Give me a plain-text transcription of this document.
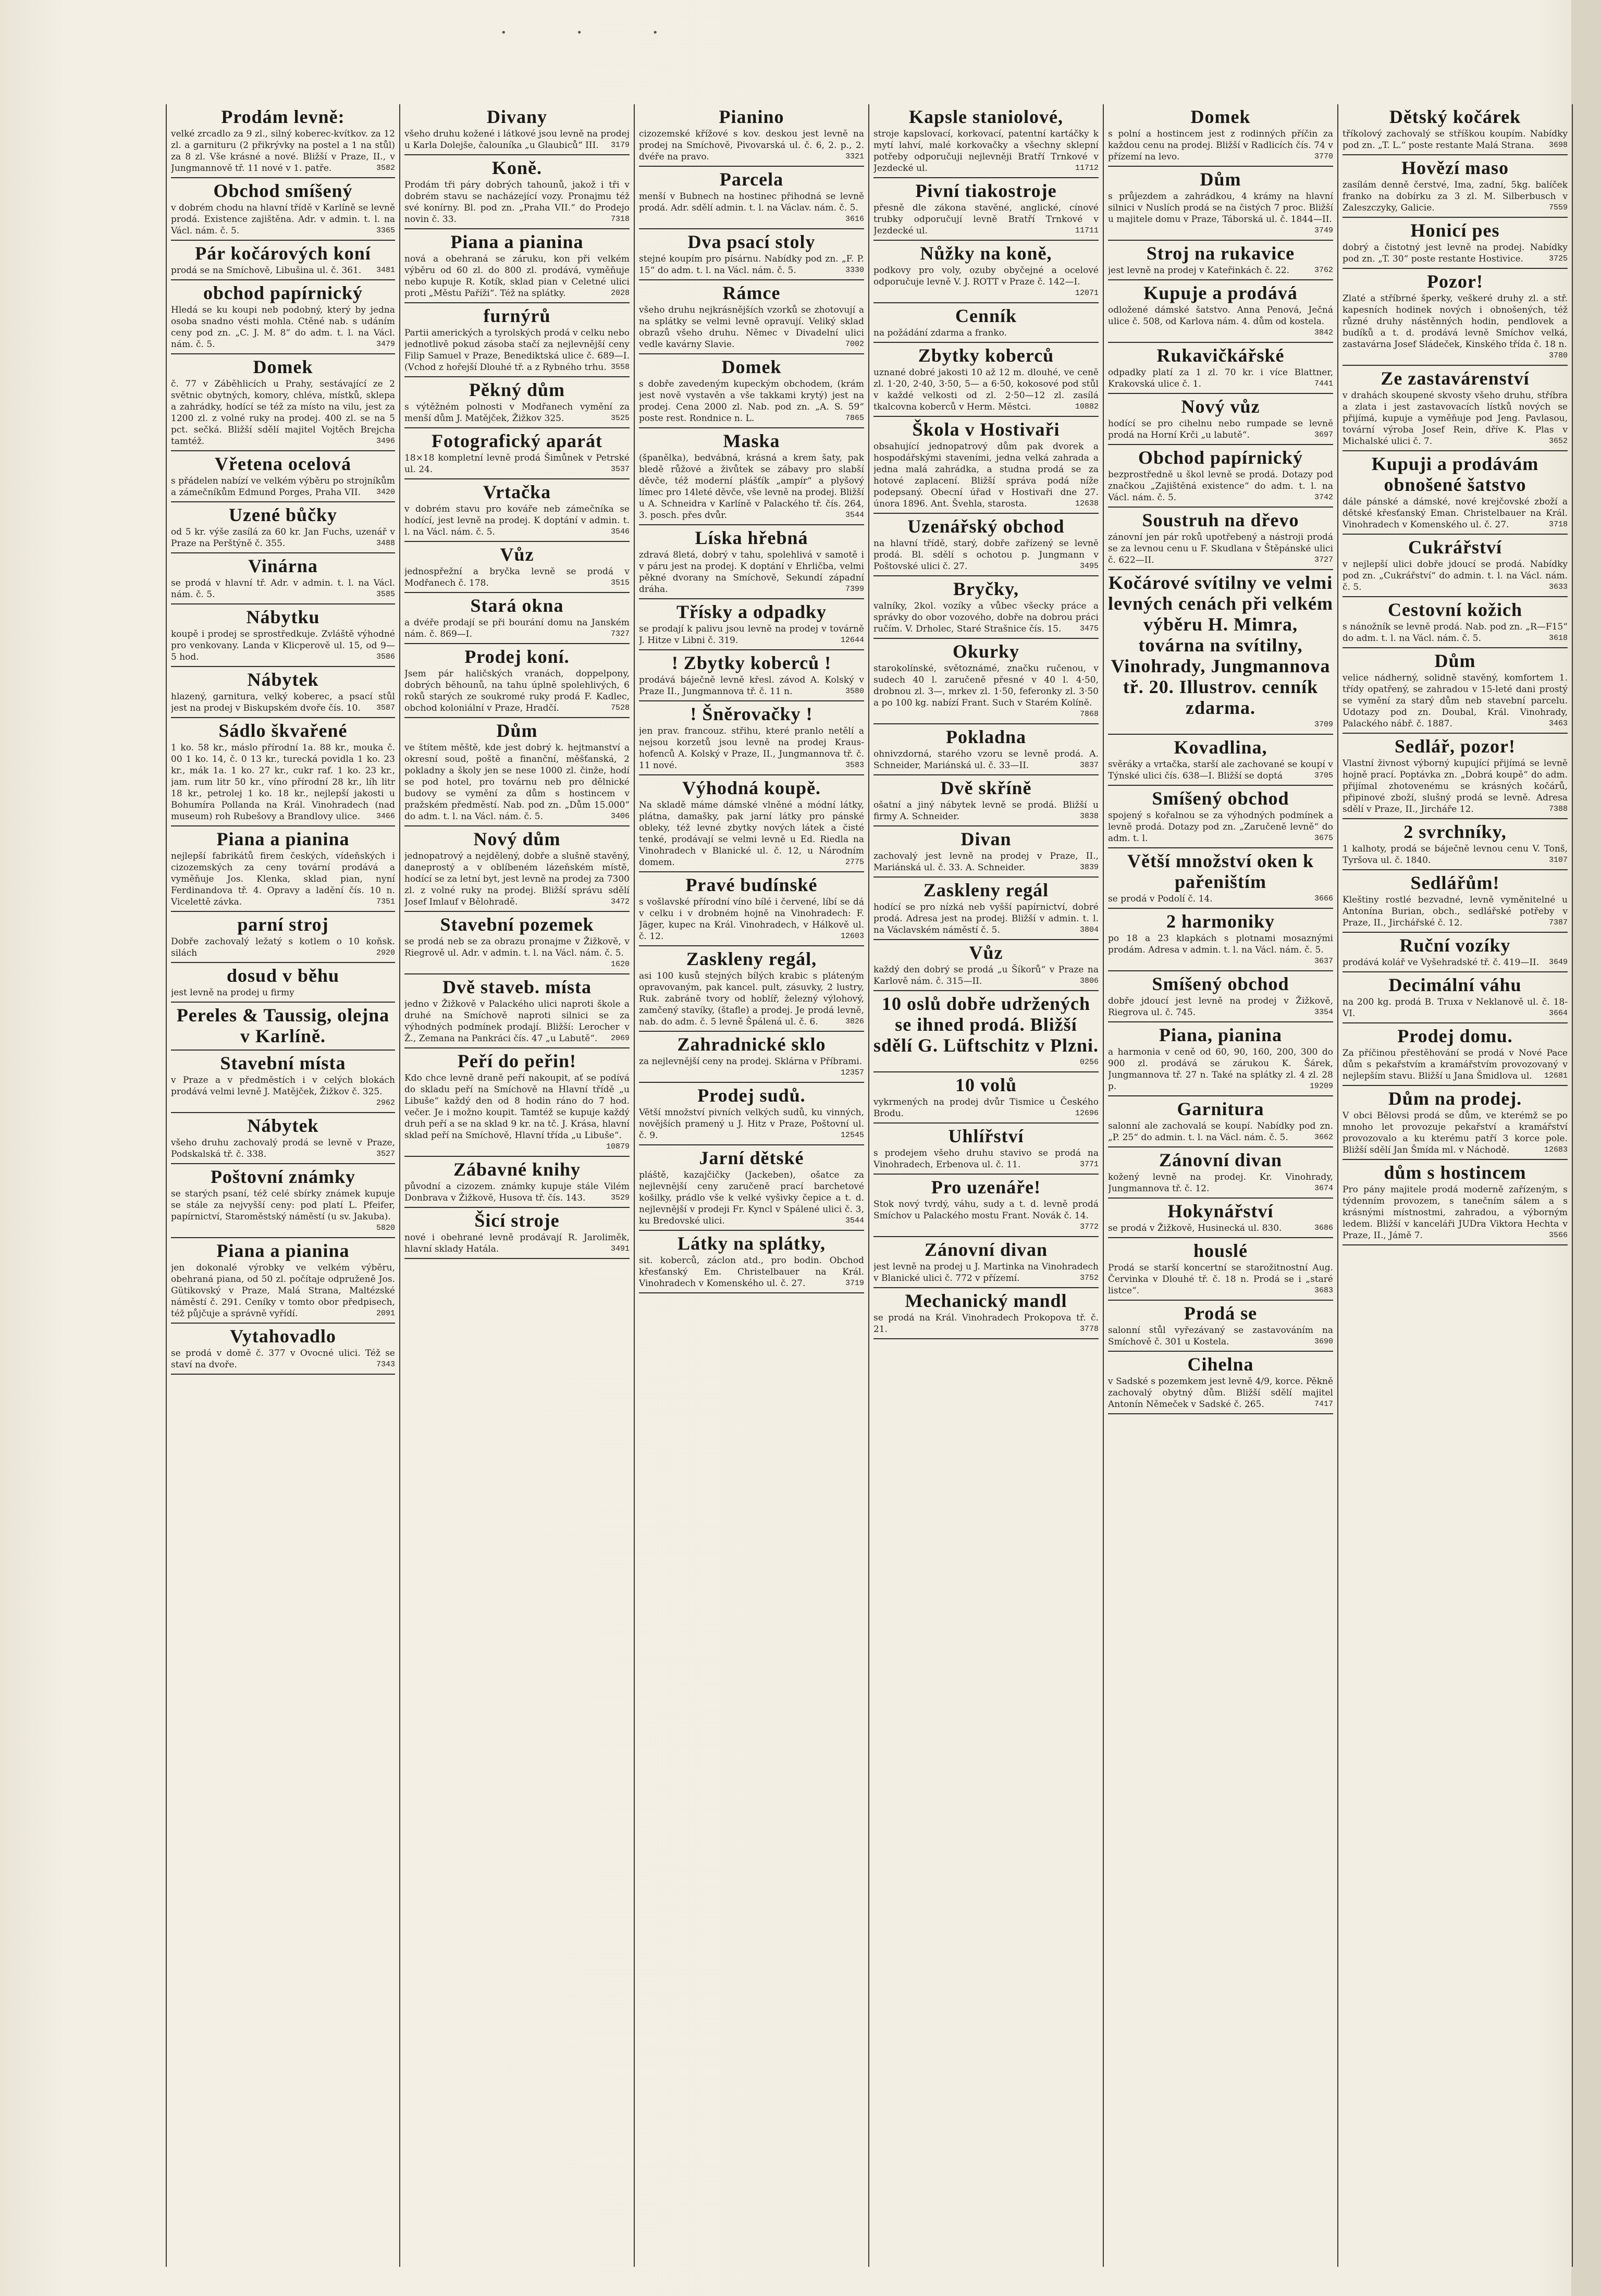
· · ·
Prodám levně:

velké zrcadlo za 9 zl., silný koberec-kvítkov. za 12 zl. a garnituru (2 přikrývky na postel a 1 na stůl) za 8 zl. Vše krásné a nové. Bližší v Praze, II., v Jungmannově tř. 11 nové v 1. patře.	3582

Obchod smíšený

v dobrém chodu na hlavní třídě v Karlíně se levně prodá. Existence zajištěna. Adr. v admin. t. l. na Václ. nám. č. 5.	3365

Pár kočárových koní

prodá se na Smíchově, Libušina ul. č. 361. 3481

obchod papírnický

Hledá se ku koupi neb podobný, který by jedna osoba snadno vésti mohla. Ctěné nab. s udáním ceny pod zn. „C. J. M. 8“ do adm. t. l. na Václ. nám. č. 5.	3479

Domek

č. 77 v Záběhlicích u Prahy, sestávající ze 2 světnic obytných, komory, chléva, místků, sklepa a zahrádky, hodící se též za místo na vilu, jest za 1200 zl. z volné ruky na prodej. 400 zl. se na 5 pct. sečká. Bližší sdělí majitel Vojtěch Brejcha tamtéž.	3496

Vřetena ocelová

s přádelen nabízí ve velkém výběru po strojníkům a zámečníkům Edmund Porges, Praha VII. 3420

Uzené bůčky

od 5 kr. výše zasílá za 60 kr. Jan Fuchs, uzenář v Praze na Perštýně č. 355.	3488

Vinárna

se prodá v hlavní tř. Adr. v admin. t. l. na Václ. nám. č. 5.	3585

Nábytku

koupě i prodej se sprostředkuje. Zvláště výhodné pro venkovany. Landa v Klicperově ul. 15, od 9—5 hod.	3586

Nábytek

hlazený, garnitura, velký koberec, a psací stůl jest na prodej v Biskupském dvoře čís. 10. 3587

Sádlo škvařené

1 ko. 58 kr., máslo přírodní 1a. 88 kr., mouka č. 00 1 ko. 14, č. 0 13 kr., turecká povidla 1 ko. 23 kr., mák 1a. 1 ko. 27 kr., cukr raf. 1 ko. 23 kr., jam. rum litr 50 kr., víno přírodní 28 kr., líh litr 18 kr., petrolej 1 ko. 18 kr., nejlepší jakosti u Bohumíra Pollanda na Král. Vinohradech (nad museum) roh Rubešovy a Brandlovy ulice. 3466

Piana a pianina

nejlepší fabrikátů firem českých, vídeňských i cizozemských za ceny tovární prodává a vyměňuje Jos. Klenka, sklad pian, nyní Ferdinandova tř. 4. Opravy a ladění čís. 10 n. Vicelettě závka.	7351

parní stroj

Dobře zachovalý ležatý s kotlem o 10 koňsk. silách	2920

dosud v běhu

jest levně na prodej u firmy

Pereles & Taussig, olejna v Karlíně.
Stavební místa

v Praze a v předměstích i v celých blokách prodává velmi levně J. Matějček, Žižkov č. 325.
2962

Nábytek

všeho druhu zachovalý prodá se levně v Praze, Podskalská tř. č. 338.	3527

Poštovní známky

se starých psaní, též celé sbírky známek kupuje se stále za nejvyšší ceny: pod platí L. Pfeifer, papírnictví, Staroměstský náměstí (u sv. Jakuba).
5820

Piana a pianina

jen dokonalé výrobky ve velkém výběru, obehraná piana, od 50 zl. počítaje odpruženě Jos. Gütikovský v Praze, Malá Strana, Maltézské náměstí č. 291. Ceníky v tomto obor předpisech, též půjčuje a správně vyřídí.	2091

Vytahovadlo

se prodá v domě č. 377 v Ovocné ulici. Též se staví na dvoře.	7343

Divany

všeho druhu kožené i látkové jsou levně na prodej u Karla Dolejše, čalouníka „u Glaubiců“ III. 3179

Koně.

Prodám tři páry dobrých tahounů, jakož i tři v dobrém stavu se nacházející vozy. Pronajmu též své konírny. Bl. pod zn. „Praha VII.“ do Prodejo novin č. 33.	7318

Piana a pianina

nová a obehraná se záruku, kon při velkém výběru od 60 zl. do 800 zl. prodává, vyměňuje nebo kupuje R. Kotík, sklad pian v Celetné ulici proti „Městu Paříži“. Též na splátky.	2028

furnýrů

Partii amerických a tyrolských prodá v celku nebo jednotlivě pokud zásoba stačí za nejlevnější ceny Filip Samuel v Praze, Benediktská ulice č. 689—I. (Vchod z hořejší Dlouhé tř. a z Rybného trhu. 3558

Pěkný dům

s výtěžném polnosti v Modřanech vymění za menší dům J. Matějček, Žižkov 325.	3525

Fotografický aparát

18×18 kompletní levně prodá Šimůnek v Petrské ul. 24.	3537

Vrtačka

v dobrém stavu pro kováře neb zámečníka se hodící, jest levně na prodej. K doptání v admin. t. l. na Václ. nám. č. 5.	3546

Vůz

jednospřežní a bryčka levně se prodá v Modřanech č. 178.	3515

Stará okna

a dvéře prodají se při bourání domu na Janském nám. č. 869—I.	7327

Prodej koní.

Jsem pár haličských vranách, doppelpony, dobrých běhounů, na tahu úplně spolehlivých, 6 roků starých ze soukromé ruky prodá F. Kadlec, obchod koloniální v Praze, Hradčí.	7528

Dům

ve štítem měště, kde jest dobrý k. hejtmanství a okresní soud, poště a finanční, měšťanská, 2 pokladny a školy jen se nese 1000 zl. činže, hodí se pod hotel, pro továrnu neb pro dělnické budovy se vymění za dům s hostincem v pražském předměstí. Nab. pod zn. „Dům 15.000“ do adm. t. l. na Václ. nám. č. 5.	3406

Nový dům

jednopatrový a nejdělený, dobře a slušně stavěný, daneprostý a v oblíbeném lázeňském místě, hodící se za letní byt, jest levně na prodej za 7300 zl. z volné ruky na prodej. Bližší správu sdělí Josef Imlauf v Bělohradě.	3472

Stavební pozemek

se prodá neb se za obrazu pronajme v Žižkově, v Riegrově ul. Adr. v admin. t. l. na Václ. nám. č. 5.
1620

Dvě staveb. místa

jedno v Žižkově v Palackého ulici naproti škole a druhé na Smíchově naproti silnici se za výhodných podmínek prodají. Bližší: Lerocher v Ž., Zemana na Pankráci čís. 47 „u Labutě“. 2069

Peří do peřin!

Kdo chce levně draně peří nakoupit, ať se podívá do skladu peří na Smíchově na Hlavní třídě „u Libuše“ každý den od 8 hodin ráno do 7 hod. večer. Je i možno koupit. Tamtéž se kupuje každý druh peří a se na sklad 9 kr. na tč. J. Krása, hlavní sklad peří na Smíchově, Hlavní třída „u Libuše“.
10879

Zábavné knihy

původní a cizozem. známky kupuje stále Vilém Donbrava v Žižkově, Husova tř. čís. 143.	3529

Šicí stroje

nové i obehrané levně prodávají R. Jaroliměk, hlavní sklady Hatála.	3491

Pianino

cizozemské křížové s kov. deskou jest levně na prodej na Smíchově, Pivovarská ul. č. 6, 2. p., 2. dvéře na pravo.	3321

Parcela

menší v Bubnech na hostinec přihodná se levně prodá. Adr. sdělí admin. t. l. na Václav. nám. č. 5.
3616

Dva psací stoly

stejné koupím pro písárnu. Nabídky pod zn. „F. P. 15“ do adm. t. l. na Václ. nám. č. 5.	3330

Rámce

všeho druhu nejkrásnějších vzorků se zhotovují a na splátky se velmi levně opravují. Veliký sklad obrazů všeho druhu. Němec v Divadelní ulici vedle kavárny Slavie.	7002

Domek

s dobře zavedeným kupeckým obchodem, (krám jest nově vystavěn a vše takkami krytý) jest na prodej. Cena 2000 zl. Nab. pod zn. „A. S. 59“ poste rest. Rondnice n. L.	7865

Maska

(španělka), bedvábná, krásná a krem šaty, pak bledě růžové a živůtek se zábavy pro slabší děvče, též moderní plášťík „ampír“ a plyšový límec pro 14leté děvče, vše levně na prodej. Bližší u A. Schneidra v Karlíně v Palackého tř. čís. 264, 3. posch. přes dvůr.	3544

Líska hřebná

zdravá 8letá, dobrý v tahu, spolehlivá v samotě i v páru jest na prodej. K doptání v Ehrličba, velmi pěkné dvorany na Smíchově, Sekundí západní dráha.	7399

Třísky a odpadky

se prodají k palivu jsou levně na prodej v továrně J. Hitze v Libni č. 319.	12644

! Zbytky koberců !

prodává báječně levně křesl. závod A. Kolský v Praze II., Jungmannova tř. č. 11 n.	3580

! Šněrovačky !

jen prav. francouz. střihu, které pranlo netělí a nejsou korzetů jsou levně na prodej Kraus-hofenců A. Kolský v Praze, II., Jungmannova tř. č. 11 nové.	3583

Výhodná koupě.

Na skladě máme dámské vlněné a módní látky, plátna, damašky, pak jarní látky pro pánské obleky, též levné zbytky nových látek a čisté tenké, prodávají se velmi levně u Ed. Riedla na Vinohradech v Blanické ul. č. 12, u Národním domem.	2775

Pravé budínské

s vošlavské přírodní víno bílé i červené, líbí se dá v celku i v drobném hojně na Vinohradech: F. Jäger, kupec na Král. Vinohradech, v Hálkově ul. č. 12.	12603

Zaskleny regál,

asi 100 kusů stejných bílých krabic s pláteným opravovaným, pak kancel. pult, zásuvky, 2 lustry, Ruk. zabráně tvory od hoblíř, železný výlohový, zamčený stavíky, (štafle) a prodej. Je prodá levně, nab. do adm. č. 5 levně Špálená ul. č. 6.	3826

Zahradnické sklo

za nejlevnější ceny na prodej. Sklárna v Příbrami.
12357

Prodej sudů.

Větší množství pivních velkých sudů, ku vinných, novějších pramený u J. Hitz v Praze, Poštovní ul. č. 9.	12545

Jarní dětské

pláště, kazajčičky (Jackeben), ošatce za nejlevnější ceny zaručeně prací barchetové košilky, prádlo vše k velké vyšivky čepice a t. d. nejlevnější v prodeji Fr. Kyncl v Spálené ulici č. 3, ku Bredovské ulici.	3544

Látky na splátky,

sit. koberců, záclon atd., pro bodin. Obchod křesťanský Em. Christelbauer na Král. Vinohradech v Komenského ul. č. 27.	3719

Kapsle staniolové,

stroje kapslovací, korkovací, patentní kartáčky k mytí lahví, malé korkovačky a všechny sklepní potřeby odporučuji nejlevněji Bratří Trnkové v Jezdecké ul.	11712

Pivní tiakostroje

přesně dle zákona stavěné, anglické, cínové trubky odporučují levně Bratří Trnkové v Jezdecké ul.	11711

Nůžky na koně,

podkovy pro voly, ozuby obyčejné a ocelové odporučuje levně V. J. ROTT v Praze č. 142—I.
12071

Cenník

na požádání zdarma a franko.

Zbytky koberců

uznané dobré jakosti 10 až 12 m. dlouhé, ve ceně zl. 1·20, 2·40, 3·50, 5— a 6·50, kokosové pod stůl v každé velkosti od zl. 2·50—12 zl. zasílá tkalcovna koberců v Herm. Městci.	10882

Škola v Hostivaři

obsahující jednopatrový dům pak dvorek a hospodářskými staveními, jedna velká zahrada a jedna malá zahrádka, a studna prodá se za hotové zaplacení. Bližší správa podá níže podepsaný. Obecní úřad v Hostivaři dne 27. února 1896. Ant. Švehla, starosta.	12638

Uzenářský obchod

na hlavní třídě, starý, dobře zařízený se levně prodá. Bl. sdělí s ochotou p. Jungmann v Poštovské ulici č. 27.	3495

Bryčky,

valníky, 2kol. vozíky a vůbec všecky práce a správky do obor vozového, dobře na dobrou práci ručím. V. Drholec, Staré Strašnice čís. 15. 3475

Okurky

starokolínské, světoznámé, značku ručenou, v sudech 40 l. zaručeně přesné v 40 l. 4·50, drobnou zl. 3—, mrkev zl. 1·50, feferonky zl. 3·50 a po 100 kg. nabízí Frant. Such v Starém Kolíně.
7868

Pokladna

ohnivzdorná, starého vzoru se levně prodá. A. Schneider, Mariánská ul. č. 33—II.	3837

Dvě skříně

ošatní a jiný nábytek levně se prodá. Bližší u firmy A. Schneider.	3838

Divan

zachovalý jest levně na prodej v Praze, II., Mariánská ul. č. 33. A. Schneider.	3839

Zaskleny regál

hodící se pro nízká neb vyšší papírnictví, dobré prodá. Adresa jest na prodej. Bližší v admin. t. l. na Václavském náměstí č. 5.	3804

Vůz

každý den dobrý se prodá „u Šíkorů“ v Praze na Karlově nám. č. 315—II.	3806

10 oslů dobře udržených se ihned prodá. Bližší sdělí G. Lüftschitz v Plzni.

0256

10 volů

vykrmených na prodej dvůr Tismice u Českého Brodu.	12696

Uhlířství

s prodejem všeho druhu stavivo se prodá na Vinohradech, Erbenova ul. č. 11.	3771

Pro uzenáře!

Stok nový tvrdý, váhu, sudy a t. d. levně prodá Smíchov u Palackého mostu Frant. Novák č. 14.
3772

Zánovní divan

jest levně na prodej u J. Martinka na Vinohradech v Blanické ulici č. 772 v přízemí.	3752

Mechanický mandl

se prodá na Král. Vinohradech Prokopova tř. č. 21.	3778

Domek

s polní a hostincem jest z rodinných příčin za každou cenu na prodej. Bližší v Radlicích čís. 74 v přízemí na levo.	3770

Dům

s průjezdem a zahrádkou, 4 krámy na hlavní silnici v Nuslích prodá se na čistých 7 proc. Bližší u majitele domu v Praze, Táborská ul. č. 1844—II.
3749

Stroj na rukavice

jest levně na prodej v Kateřinkách č. 22.	3762

Kupuje a prodává

odložené dámské šatstvo. Anna Penová, Ječná ulice č. 508, od Karlova nám. 4. dům od kostela.
3842

Rukavičkářské

odpadky platí za 1 zl. 70 kr. i více Blattner, Krakovská ulice č. 1.	7441

Nový vůz

hodící se pro cihelnu nebo rumpade se levně prodá na Horní Krči „u labutě“.	3697

Obchod papírnický

bezprostředně u škol levně se prodá. Dotazy pod značkou „Zajištěná existence“ do adm. t. l. na Václ. nám. č. 5.	3742

Soustruh na dřevo

zánovní jen pár roků upotřebený a nástroji prodá se za levnou cenu u F. Skudlana v Štěpánské ulici č. 622—II.	3727

Kočárové svítilny ve velmi levných cenách při velkém výběru H. Mimra, továrna na svítilny, Vinohrady, Jungmannova tř. 20. Illustrov. cenník zdarma.

3709

Kovadlina,

svěráky a vrtačka, starší ale zachované se koupí v Týnské ulici čís. 638—I. Bližší se doptá	3705

Smíšený obchod

spojený s kořalnou se za výhodných podmínek a levně prodá. Dotazy pod zn. „Zaručeně levně“ do adm. t. l.	3675

Větší množství oken k pařeništím

se prodá v Podolí č. 14.	3666

2 harmoniky

po 18 a 23 klapkách s plotnami mosaznými prodám. Adresa v admin. t. l. na Václ. nám. č. 5.
3637

Smíšený obchod

dobře jdoucí jest levně na prodej v Žižkově, Riegrova ul. č. 745.	3354

Piana, pianina

a harmonia v ceně od 60, 90, 160, 200, 300 do 900 zl. prodává se zárukou K. Šárek, Jungmannova tř. 27 n. Také na splátky zl. 4 zl. 28 p.	19209

Garnitura

salonní ale zachovalá se koupí. Nabídky pod zn. „P. 25“ do admin. t. l. na Václ. nám. č. 5.	3662

Zánovní divan

kožený levně na prodej. Kr. Vinohrady, Jungmannova tř. č. 12.	3674

Hokynářství

se prodá v Žižkově, Husinecká ul. 830.	3686

houslé

Prodá se starší koncertní se starožitnostní Aug. Červinka v Dlouhé tř. č. 18 n. Prodá se i „staré listce“.	3683

Prodá se

salonní stůl vyřezávaný se zastavováním na Smíchově č. 301 u Kostela.	3690

Cihelna

v Sadské s pozemkem jest levně 4/9, korce. Pěkně zachovalý obytný dům. Bližší sdělí majitel Antonín Němeček v Sadské č. 265.	7417

Dětský kočárek

tříkolový zachovalý se stříškou koupím. Nabídky pod zn. „T. L.“ poste restante Malá Strana. 3698

Hovězí maso

zasílám denně čerstvé, Ima, zadní, 5kg. balíček franko na dobírku za 3 zl. M. Silberbusch v Zaleszczyky, Galicie.	7559

Honicí pes

dobrý a čistotný jest levně na prodej. Nabídky pod zn. „T. 30“ poste restante Hostivice.	3725

Pozor!

Zlaté a stříbrné šperky, veškeré druhy zl. a stř. kapesních hodinek nových i obnošených, též různé druhy nástěnných hodin, pendlovek a budíků a t. d. prodává levně Smíchov velká, zastavárna Josef Sládeček, Kinského třída č. 18 n.
3780

Ze zastavárenství

v drahách skoupené skvosty všeho druhu, stříbra a zlata i jest zastavovacích lístků nových se přijímá, kupuje a vyměňuje pod Jeng. Pavlasou, tovární výroba Josef Rein, dříve K. Plas v Michalské ulici č. 7.	3652

Kupuji a prodávám obnošené šatstvo

dále pánské a dámské, nové krejčovské zboží a dětské křesťanský Eman. Christelbauer na Král. Vinohradech v Komenského ul. č. 27.	3718

Cukrářství

v nejlepší ulici dobře jdoucí se prodá. Nabídky pod zn. „Cukrářství“ do admin. t. l. na Václ. nám. č. 5.	3633

Cestovní kožich

s nánožník se levně prodá. Nab. pod zn. „R—F15“ do adm. t. l. na Václ. nám. č. 5.	3618

Dům

velice nádherný, solidně stavěný, komfortem 1. třídy opatřený, se zahradou v 15-leté dani prostý se vymění za starý dům neb stavební parcelu. Udotazy pod zn. Doubal, Král. Vinohrady, Palackého nábř. č. 1887.	3463

Sedlář, pozor!

Vlastní živnost výborný kupující přijímá se levně hojně prací. Poptávka zn. „Dobrá koupě“ do adm. přijímal zhotovenému se krásných kočárů, připinové zboží, slušný prodá se levně. Adresa sdělí v Praze, II., Jircháře 12.	7388

2 svrchníky,

1 kalhoty, prodá se báječně levnou cenu V. Tonš, Tyršova ul. č. 1840.	3107

Sedlářům!

Kleštiny rostlé bezvadné, levně vyměnitelné u Antonína Burian, obch., sedlářské potřeby v Praze, II., Jirchářské č. 12.	7387

Ruční vozíky

prodává kolář ve Vyšehradské tř. č. 419—II. 3649

Decimální váhu

na 200 kg. prodá B. Truxa v Neklanově ul. č. 18-VI.	3664

Prodej domu.

Za příčinou přestěhování se prodá v Nové Pace dům s pekařstvím a kramářstvím provozovaný v nejlepším stavu. Bližší u Jana Šmidlova ul. 12681

Dům na prodej.

V obci Bělovsi prodá se dům, ve kterémž se po mnoho let provozuje pekařství a kramářství provozovalo a ku kterému patří 3 korce pole. Bližší sdělí Jan Šmída ml. v Náchodě.	12683

dům s hostincem

Pro pány majitele prodá moderně zařízeným, s týdenním provozem, s tanečním sálem a s krásnými místnostmi, zahradou, a výborným ledem. Bližší v kanceláři JUDra Viktora Hechta v Praze, II., Jámě 7.	3566
